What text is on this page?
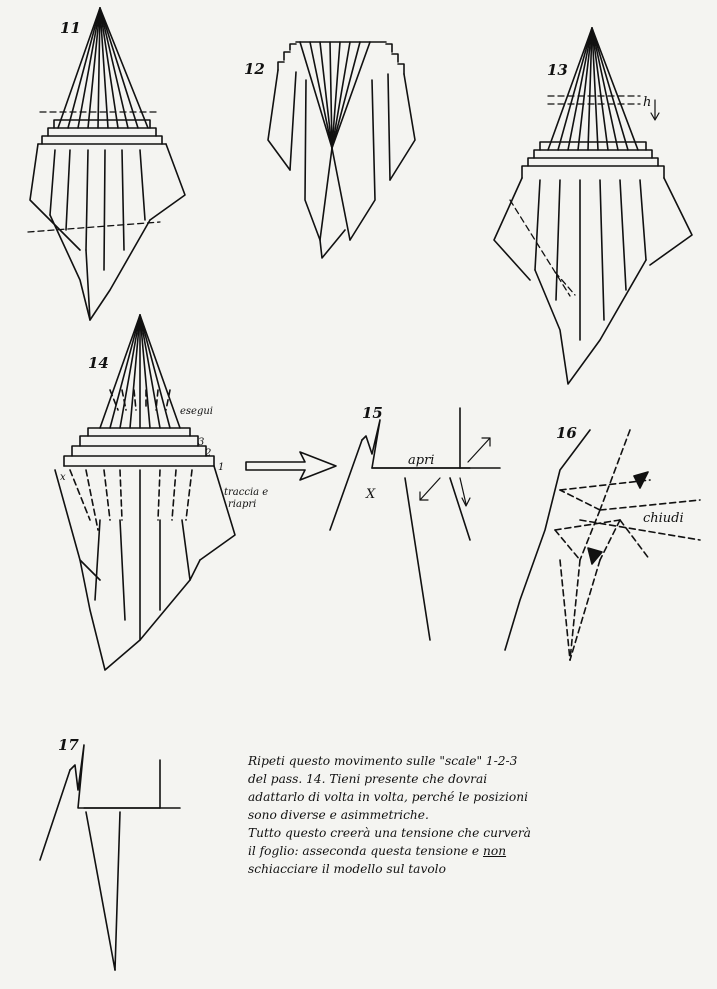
11
12	13
h
14
esegui
3
2
1
x
traccia e
riapri
15
apri
X
16
chiudi
17

Ripeti questo movimento sulle "scale" 1-2-3

del pass. 14. Tieni presente che dovrai

adattarlo di volta in volta, perché le posizioni

sono diverse e asimmetriche.

Tutto questo creerà una tensione che curverà

il foglio: asseconda questa tensione e non

schiacciare il modello sul tavolo
